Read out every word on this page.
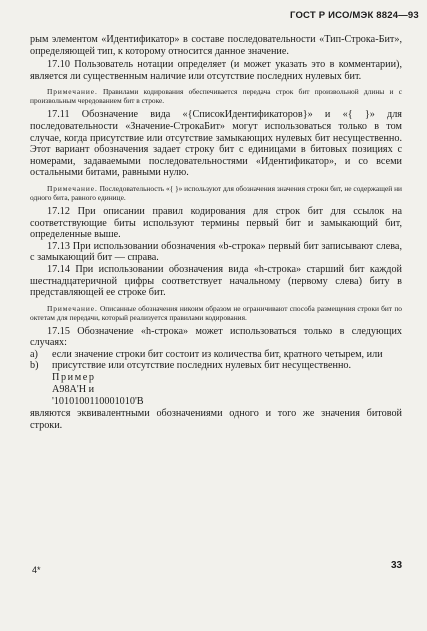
ГОСТ Р ИСО/МЭК 8824—93

рым элементом «Идентификатор» в составе последовательности «Тип-Строка-Бит», определяющей тип, к которому относится данное значение.

17.10 Пользователь нотации определяет (и может указать это в комментарии), является ли существенным наличие или отсутствие последних нулевых бит.

Примечание. Правилами кодирования обеспечивается передача строк бит произвольной длины и с произвольным чередованием бит в строке.

17.11 Обозначение вида «{СписокИдентификаторов}» и «{ }» для последовательности «Значение-СтрокаБит» могут использоваться только в том случае, когда присутствие или отсутствие замыкающих нулевых бит несущественно. Этот вариант обозначения задает строку бит с единицами в битовых позициях с номерами, задаваемыми последовательностями «Идентификатор», и со всеми остальными битами, равными нулю.

Примечание. Последовательность «{ }» используют для обозначения значения строки бит, не содержащей ни одного бита, равного единице.

17.12 При описании правил кодирования для строк бит для ссылок на соответствующие биты используют термины первый бит и замыкающий бит, определенные выше.

17.13 При использовании обозначения «b-строка» первый бит записывают слева, с замыкающий бит — справа.

17.14 При использовании обозначения вида «h-строка» старший бит каждой шестнадцатеричной цифры соответствует начальному (первому слева) биту в представляющей ее строке бит.

Примечание. Описанные обозначения никоим образом не ограничивают способа размещения строки бит по октетам для передачи, который реализуется правилами кодирования.

17.15 Обозначение «h-строка» может использоваться только в следующих случаях:

a) если значение строки бит состоит из количества бит, кратного четырем, или

b) присутствие или отсутствие последних нулевых бит несущественно.

Пример
A98A'H и
'1010100110001010'B

являются эквивалентными обозначениями одного и того же значения битовой строки.

33
4*
